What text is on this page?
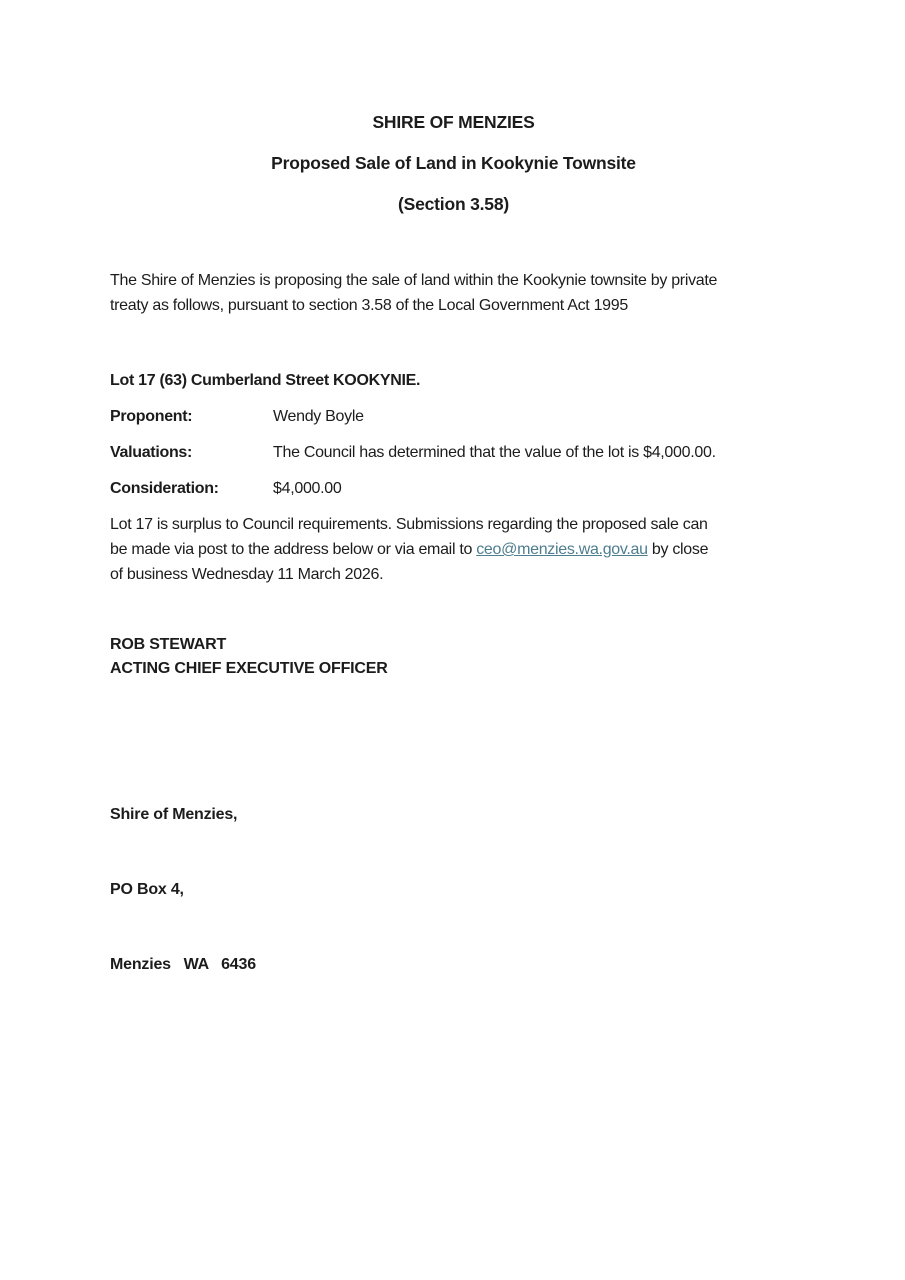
SHIRE OF MENZIES
Proposed Sale of Land in Kookynie Townsite
(Section 3.58)
The Shire of Menzies is proposing the sale of land within the Kookynie townsite by private
treaty as follows, pursuant to section 3.58 of the Local Government Act 1995
Lot 17 (63) Cumberland Street KOOKYNIE.
Proponent:	Wendy Boyle
Valuations:	The Council has determined that the value of the lot is $4,000.00.
Consideration:	$4,000.00
Lot 17 is surplus to Council requirements. Submissions regarding the proposed sale can
be made via post to the address below or via email to ceo@menzies.wa.gov.au by close
of business Wednesday 11 March 2026.
ROB STEWART
ACTING CHIEF EXECUTIVE OFFICER

Shire of Menzies,

PO Box 4,

Menzies   WA   6436
